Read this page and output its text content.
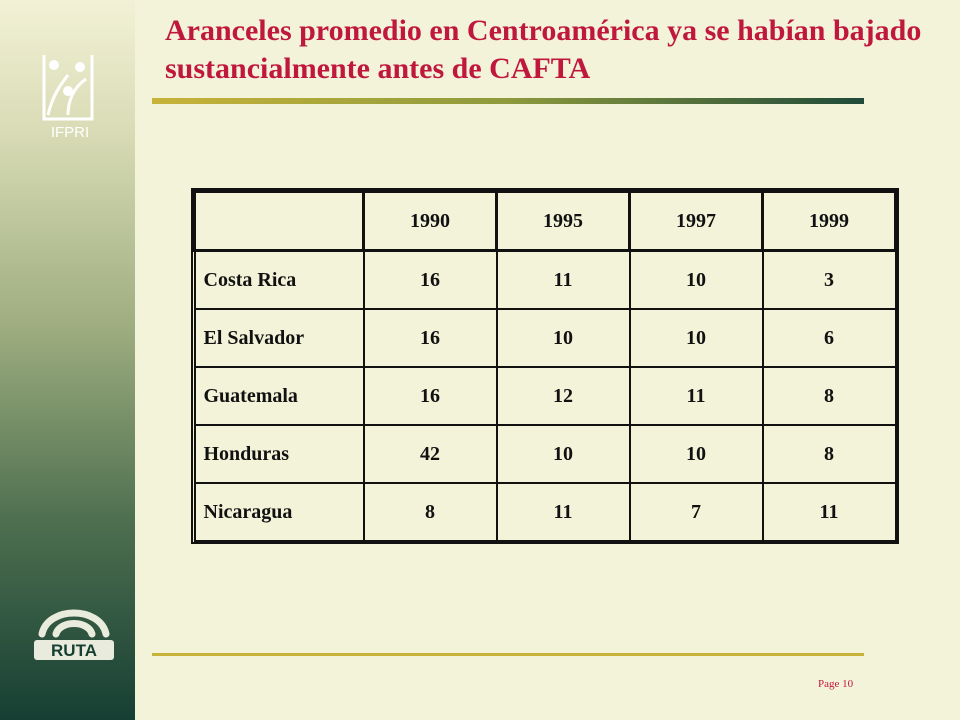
IFPRI
RUTA
Aranceles promedio en Centroamérica ya se habían bajado sustancialmente antes de CAFTA
	1990	1995	1997	1999
Costa Rica	16	11	10	3
El Salvador	16	10	10	6
Guatemala	16	12	11	8
Honduras	42	10	10	8
Nicaragua	8	11	7	11
Page 10
